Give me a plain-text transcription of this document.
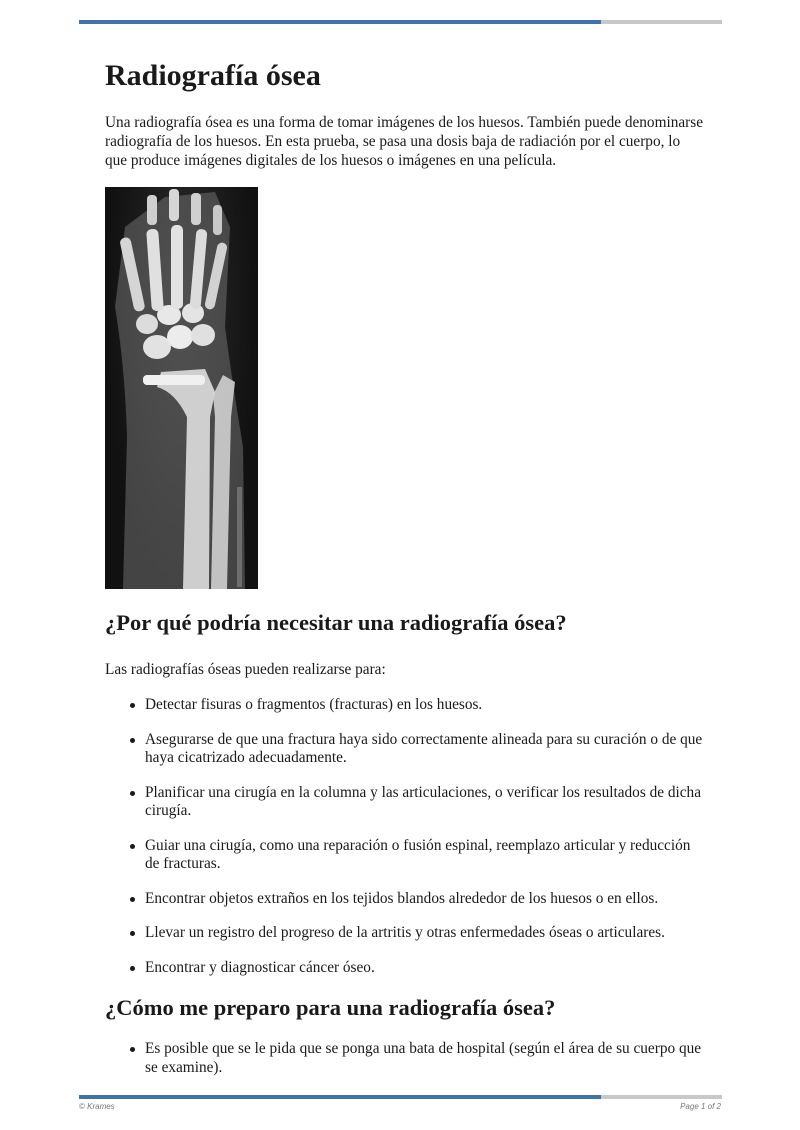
Radiografía ósea

Una radiografía ósea es una forma de tomar imágenes de los huesos. También puede denominarse radiografía de los huesos. En esta prueba, se pasa una dosis baja de radiación por el cuerpo, lo que produce imágenes digitales de los huesos o imágenes en una película.

¿Por qué podría necesitar una radiografía ósea?

Las radiografías óseas pueden realizarse para:

Detectar fisuras o fragmentos (fracturas) en los huesos.
Asegurarse de que una fractura haya sido correctamente alineada para su curación o de que haya cicatrizado adecuadamente.
Planificar una cirugía en la columna y las articulaciones, o verificar los resultados de dicha cirugía.
Guiar una cirugía, como una reparación o fusión espinal, reemplazo articular y reducción de fracturas.
Encontrar objetos extraños en los tejidos blandos alrededor de los huesos o en ellos.
Llevar un registro del progreso de la artritis y otras enfermedades óseas o articulares.
Encontrar y diagnosticar cáncer óseo.
¿Cómo me preparo para una radiografía ósea?
Es posible que se le pida que se ponga una bata de hospital (según el área de su cuerpo que se examine).
© Krames	Page 1 of 2
